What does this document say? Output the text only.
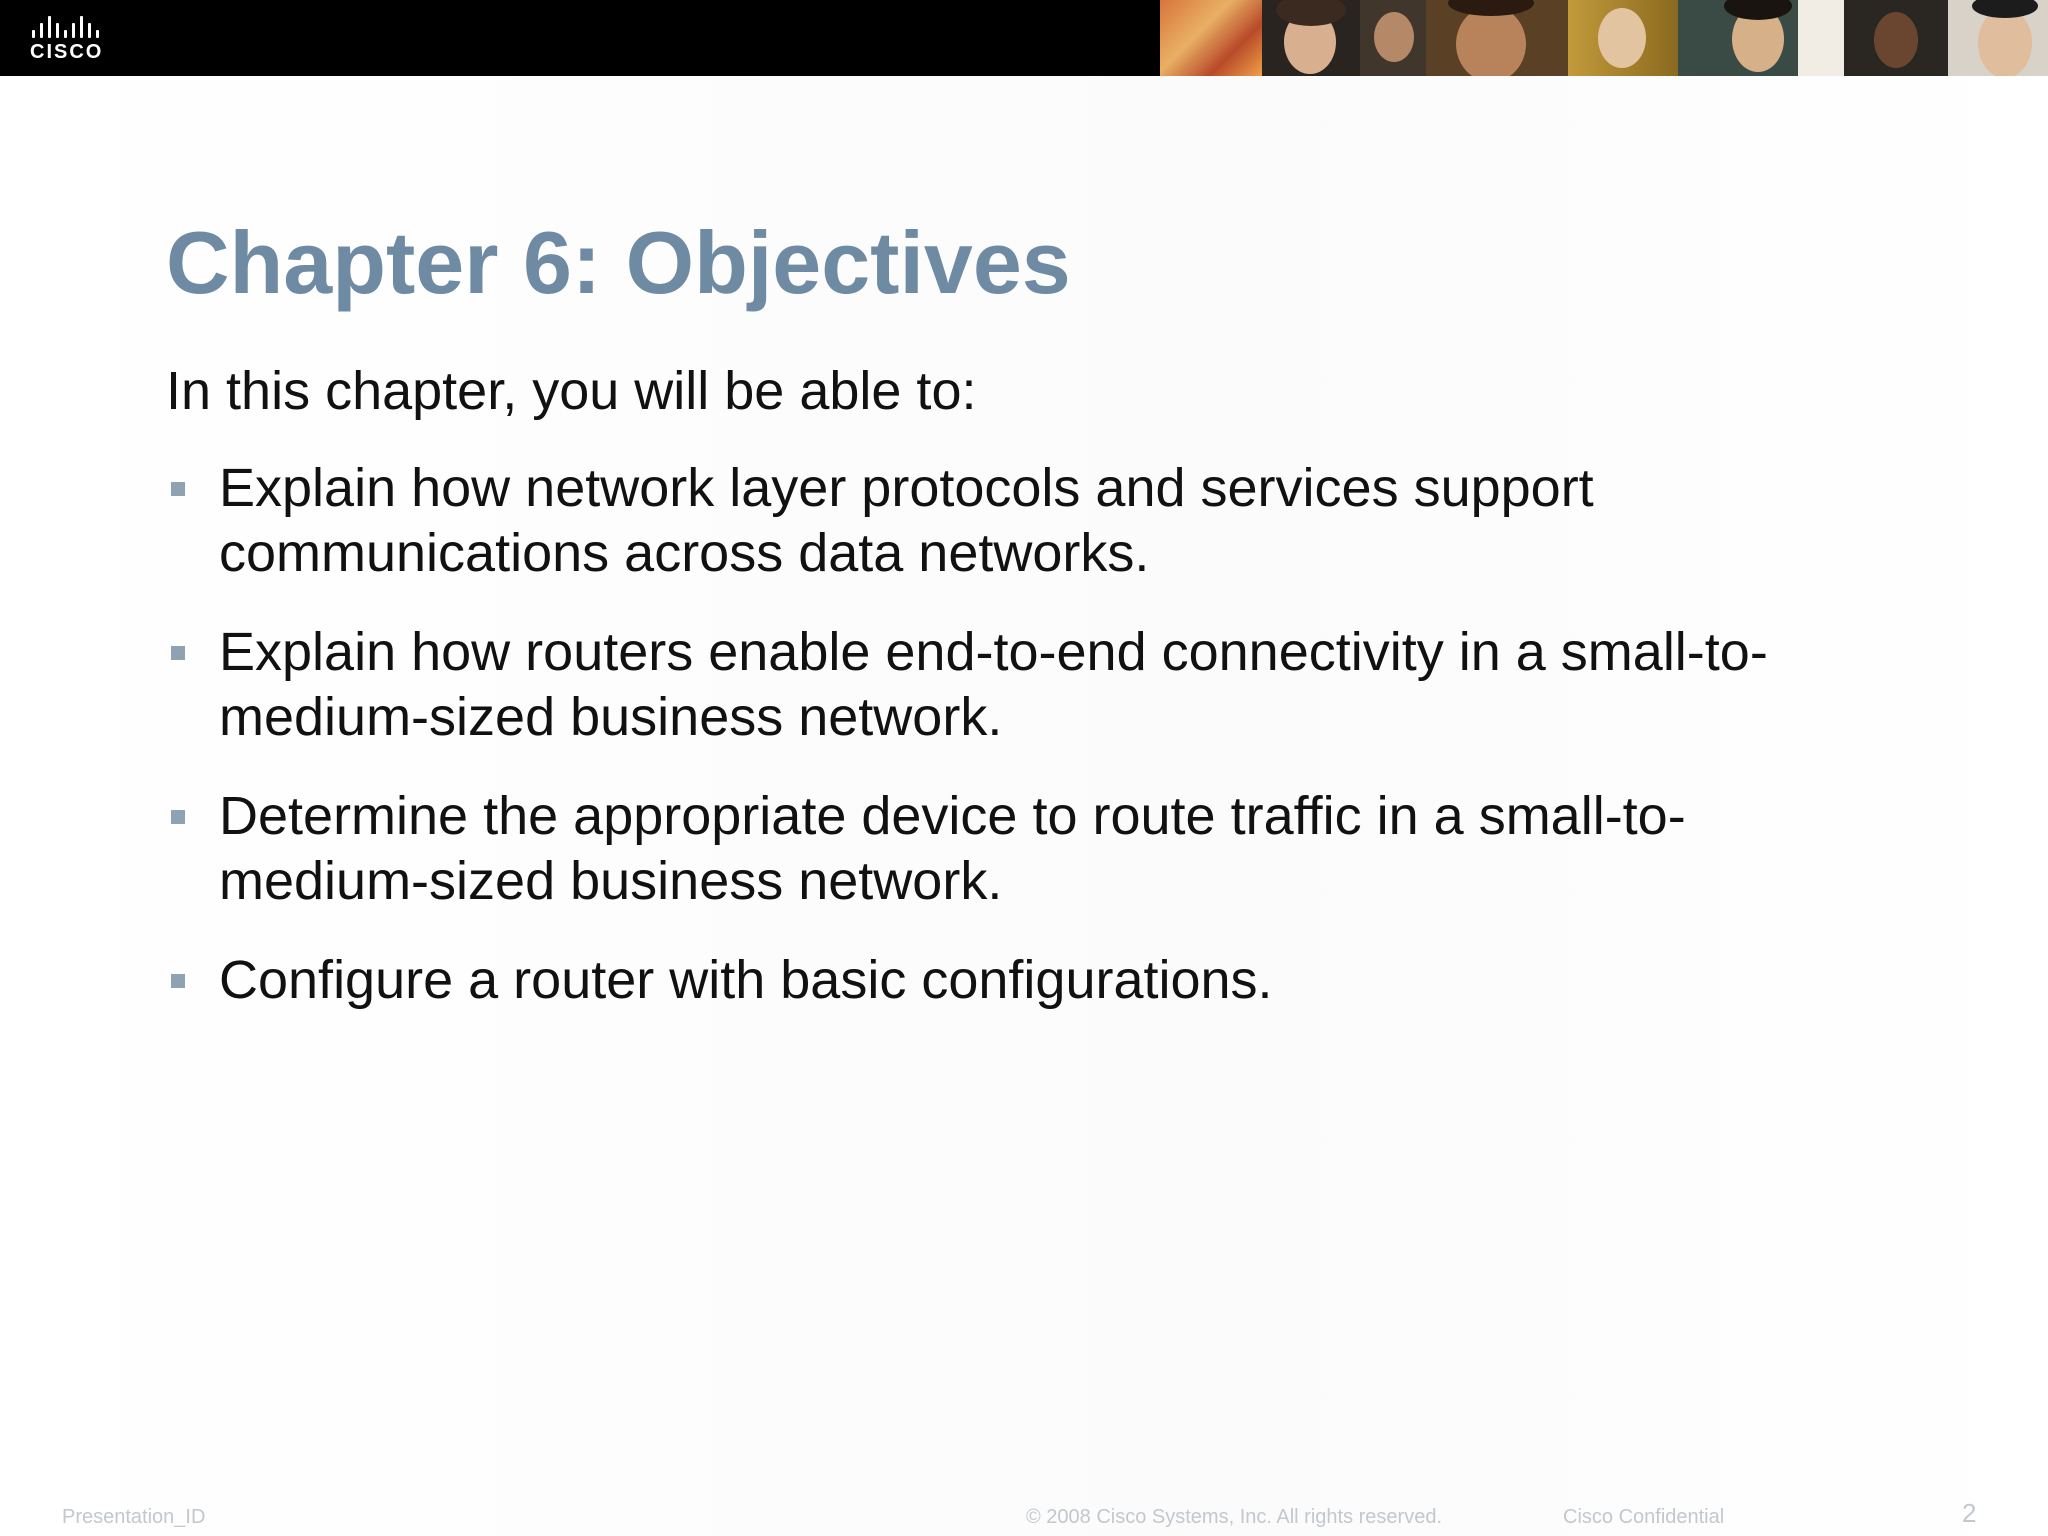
CISCO
Chapter 6: Objectives
In this chapter, you will be able to:
Explain how network layer protocols and services support
communications across data networks.
Explain how routers enable end-to-end connectivity in a small-to-
medium-sized business network.
Determine the appropriate device to route traffic in a small-to-
medium-sized business network.
Configure a router with basic configurations.
Presentation_ID	© 2008 Cisco Systems, Inc. All rights reserved.	Cisco Confidential	2
